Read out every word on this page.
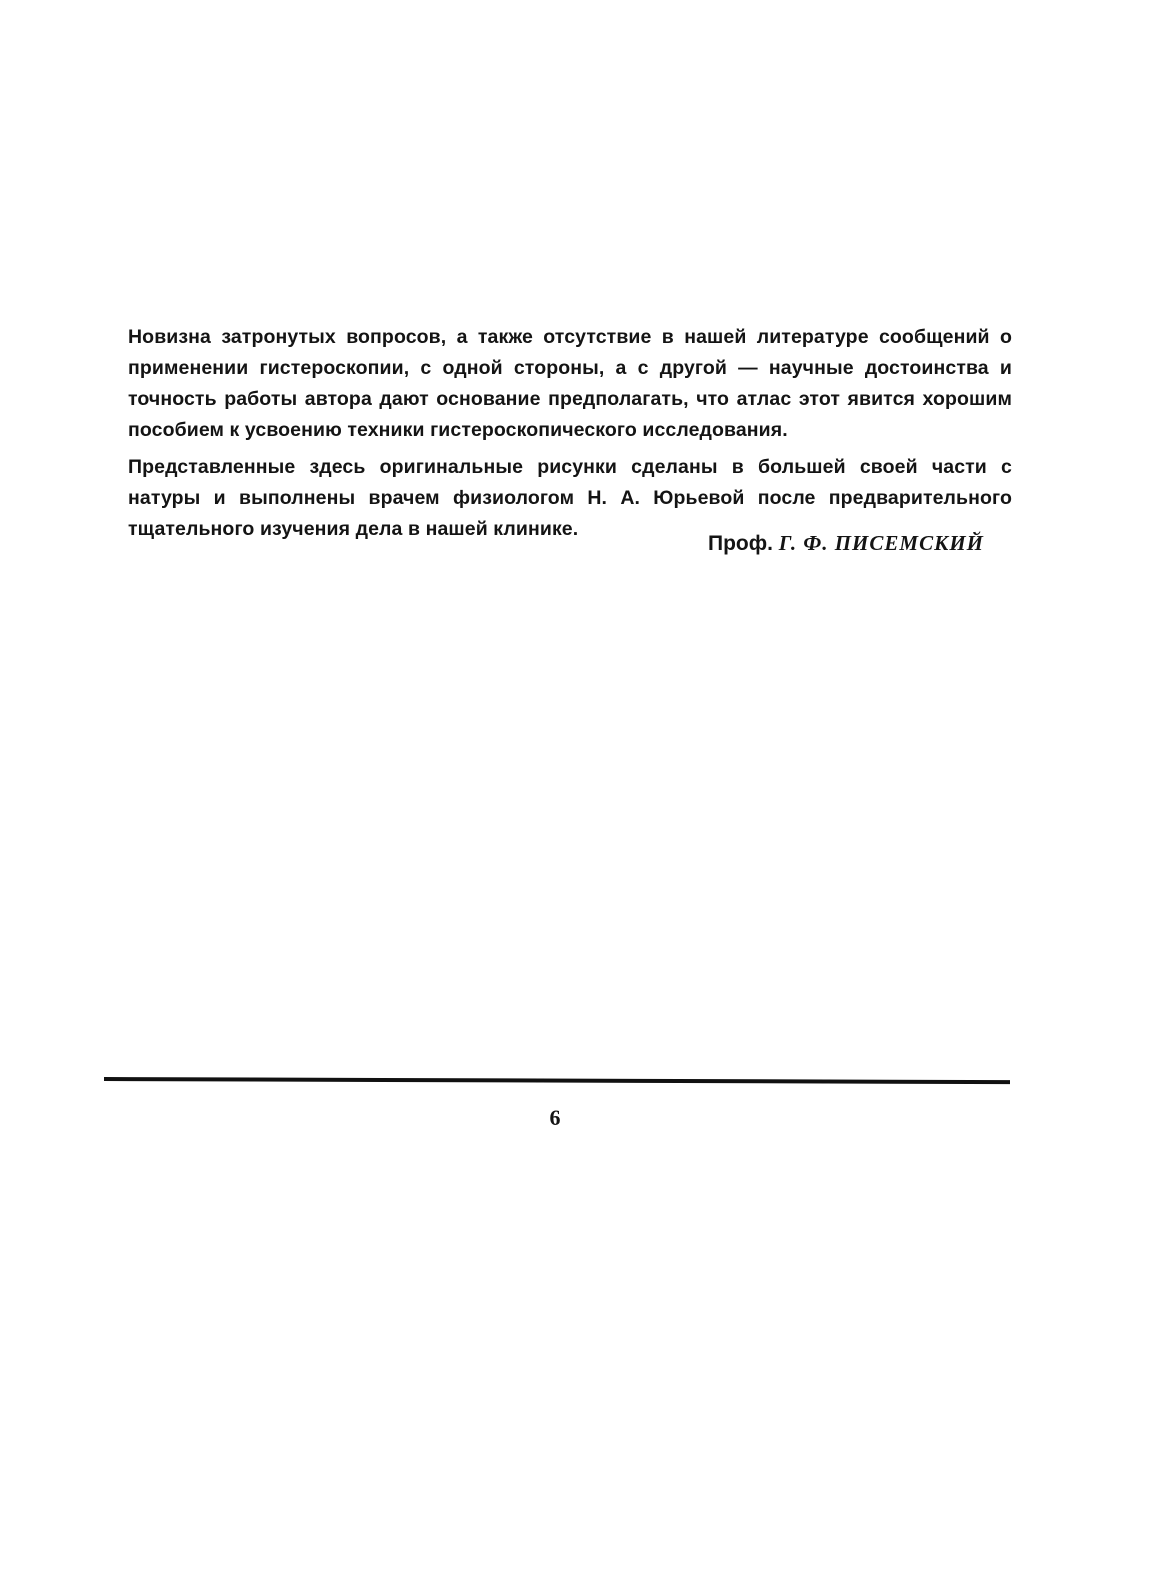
Новизна затронутых вопросов, а также отсутствие в нашей литературе сообщений о применении гистероскопии, с одной стороны, а с другой — научные достоинства и точность работы автора дают основание предполагать, что атлас этот явится хорошим пособием к усвоению техники гистероскопического исследования.

Представленные здесь оригинальные рисунки сделаны в большей своей части с натуры и выполнены врачем физиологом Н. А. Юрьевой после предварительного тщательного изучения дела в нашей клинике.

Проф. Г. Ф. ПИСЕМСКИЙ
6
